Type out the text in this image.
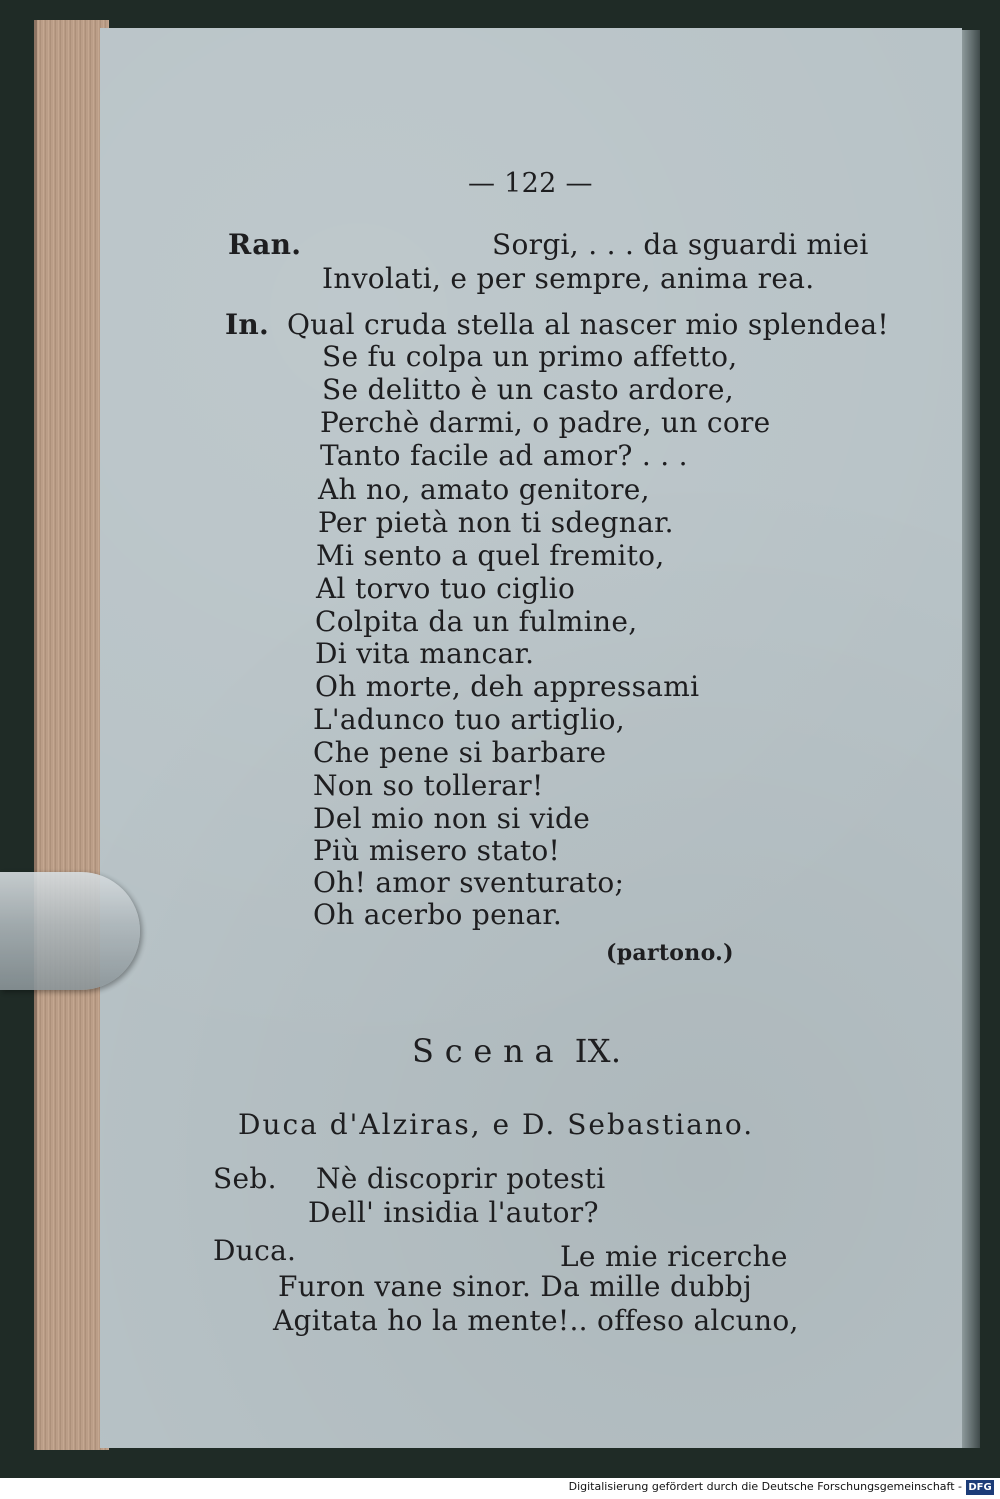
— 122 —
Ran.	Sorgi, . . . da sguardi miei
Involati, e per sempre, anima rea.
In. Qual cruda stella al nascer mio splendea!
Se fu colpa un primo affetto,
Se delitto è un casto ardore,
Perchè darmi, o padre, un core
Tanto facile ad amor? . . .
Ah no, amato genitore,
Per pietà non ti sdegnar.
Mi sento a quel fremito,
Al torvo tuo ciglio
Colpita da un fulmine,
Di vita mancar.
Oh morte, deh appressami
L'adunco tuo artiglio,
Che pene si barbare
Non so tollerar!
Del mio non si vide
Più misero stato!
Oh! amor sventurato;
Oh acerbo penar.
(partono.)
S c e n a  IX.
Duca d'Alziras, e D. Sebastiano.
Seb. Nè discoprir potesti
Dell' insidia l'autor?
Duca.	Le mie ricerche
Furon vane sinor. Da mille dubbj
Agitata ho la mente!.. offeso alcuno,
Digitalisierung gefördert durch die Deutsche Forschungsgemeinschaft - DFG
